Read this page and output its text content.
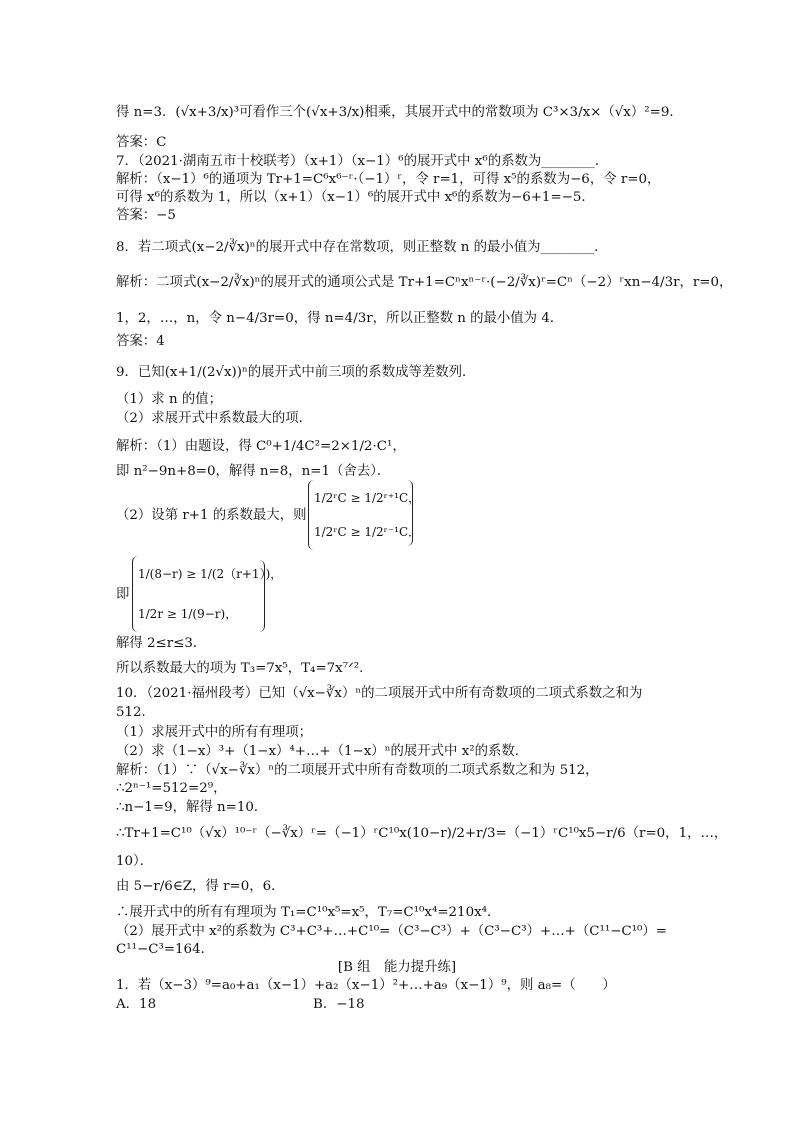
得 n=3．(√x+3/x)³可看作三个(√x+3/x)相乘，其展开式中的常数项为 C³×3/x×（√x）²=9．
答案：C
7．（2021·湖南五市十校联考）（x+1）（x−1）⁶的展开式中 x⁶的系数为________．
解析：（x−1）⁶的通项为 Tr+1=C⁶x⁶⁻ʳ·（−1）ʳ，令 r=1，可得 x⁵的系数为−6，令 r=0，
可得 x⁶的系数为 1，所以（x+1）（x−1）⁶的展开式中 x⁶的系数为−6+1=−5．
答案：−5
8．若二项式(x−2/∛x)ⁿ的展开式中存在常数项，则正整数 n 的最小值为________．
解析：二项式(x−2/∛x)ⁿ的展开式的通项公式是 Tr+1=Cⁿxⁿ⁻ʳ·(−2/∛x)ʳ=Cⁿ（−2）ʳxn−4/3r，r=0，
1，2，…，n，令 n−4/3r=0，得 n=4/3r，所以正整数 n 的最小值为 4．
答案：4
9．已知(x+1/(2√x))ⁿ的展开式中前三项的系数成等差数列．
（1）求 n 的值；
（2）求展开式中系数最大的项．
解析：（1）由题设，得 C⁰+1/4C²=2×1/2·C¹，
即 n²−9n+8=0，解得 n=8，n=1（舍去）．
（2）设第 r+1 的系数最大，则
1/2ʳC ≥ 1/2ʳ⁺¹C，
1/2ʳC ≥ 1/2ʳ⁻¹C．
1/(8−r) ≥ 1/(2（r+1）)，
即
1/2r ≥ 1/(9−r)，
解得 2≤r≤3．
所以系数最大的项为 T₃=7x⁵，T₄=7x⁷ᐟ².
10．（2021·福州段考）已知（√x−∛x）ⁿ的二项展开式中所有奇数项的二项式系数之和为
512．
（1）求展开式中的所有有理项；
（2）求（1−x）³+（1−x）⁴+…+（1−x）ⁿ的展开式中 x²的系数．
解析：（1）∵（√x−∛x）ⁿ的二项展开式中所有奇数项的二项式系数之和为 512，
∴2ⁿ⁻¹=512=2⁹，
∴n−1=9，解得 n=10．
∴Tr+1=C¹⁰（√x）¹⁰⁻ʳ（−∛x）ʳ=（−1）ʳC¹⁰x(10−r)/2+r/3=（−1）ʳC¹⁰x5−r/6（r=0，1，…，
10）．
由 5−r/6∈Z，得 r=0，6．
∴展开式中的所有有理项为 T₁=C¹⁰x⁵=x⁵，T₇=C¹⁰x⁴=210x⁴．
（2）展开式中 x²的系数为 C³+C³+…+C¹⁰=（C³−C³）+（C³−C³）+…+（C¹¹−C¹⁰）=
C¹¹−C³=164．
[B 组　能力提升练]
1．若（x−3）⁹=a₀+a₁（x−1）+a₂（x−1）²+…+a₉（x−1）⁹，则 a₈=（　　）
A．18	B．−18
